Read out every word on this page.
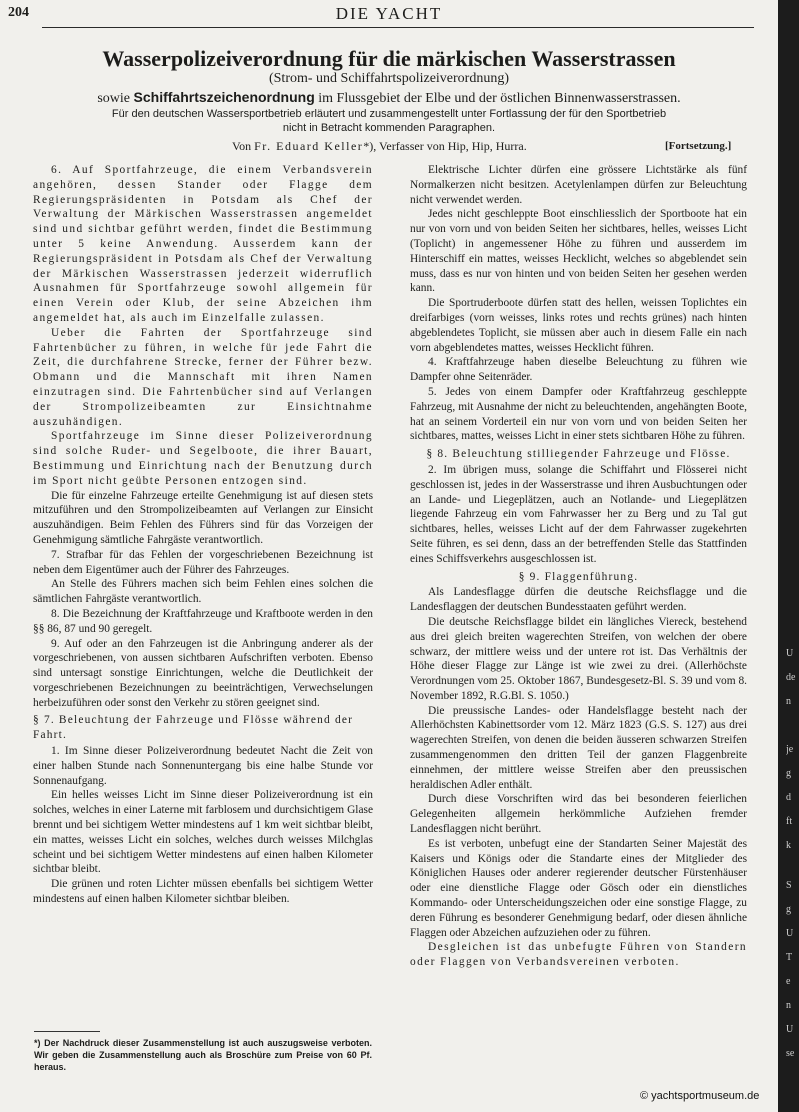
204	DIE YACHT
Wasserpolizeiverordnung für die märkischen Wasserstrassen
(Strom- und Schiffahrtspolizeiverordnung)
sowie Schiffahrtszeichenordnung im Flussgebiet der Elbe und der östlichen Binnenwasserstrassen.
Für den deutschen Wassersportbetrieb erläutert und zusammengestellt unter Fortlassung der für den Sportbetrieb
nicht in Betracht kommenden Paragraphen.
Von Fr. Eduard Keller*), Verfasser von Hip, Hip, Hurra.	[Fortsetzung.]

6. Auf Sportfahrzeuge, die einem Verbandsverein angehören, dessen Stander oder Flagge dem Regierungspräsidenten in Potsdam als Chef der Verwaltung der Märkischen Wasserstrassen angemeldet sind und sichtbar geführt werden, findet die Bestimmung unter 5 keine Anwendung. Ausserdem kann der Regierungspräsident in Potsdam als Chef der Verwaltung der Märkischen Wasserstrassen jederzeit widerruflich Ausnahmen für Sportfahrzeuge sowohl allgemein für einen Verein oder Klub, der seine Abzeichen ihm angemeldet hat, als auch im Einzelfalle zulassen.

Ueber die Fahrten der Sportfahrzeuge sind Fahrtenbücher zu führen, in welche für jede Fahrt die Zeit, die durchfahrene Strecke, ferner der Führer bezw. Obmann und die Mannschaft mit ihren Namen einzutragen sind. Die Fahrtenbücher sind auf Verlangen der Strompolizeibeamten zur Einsichtnahme auszuhändigen.

Sportfahrzeuge im Sinne dieser Polizeiverordnung sind solche Ruder- und Segelboote, die ihrer Bauart, Bestimmung und Einrichtung nach der Benutzung durch im Sport nicht geübte Personen entzogen sind.

Die für einzelne Fahrzeuge erteilte Genehmigung ist auf diesen stets mitzuführen und den Strompolizeibeamten auf Verlangen zur Einsicht auszuhändigen. Beim Fehlen des Führers sind für das Vorzeigen der Genehmigung sämtliche Fahrgäste verantwortlich.

7. Strafbar für das Fehlen der vorgeschriebenen Bezeichnung ist neben dem Eigentümer auch der Führer des Fahrzeuges.

An Stelle des Führers machen sich beim Fehlen eines solchen die sämtlichen Fahrgäste verantwortlich.

8. Die Bezeichnung der Kraftfahrzeuge und Kraftboote werden in den §§ 86, 87 und 90 geregelt.

9. Auf oder an den Fahrzeugen ist die Anbringung anderer als der vorgeschriebenen, von aussen sichtbaren Aufschriften verboten. Ebenso sind untersagt sonstige Einrichtungen, welche die Deutlichkeit der vorgeschriebenen Bezeichnungen zu beeinträchtigen, Verwechselungen herbeizuführen oder sonst den Verkehr zu stören geeignet sind.

§ 7. Beleuchtung der Fahrzeuge und Flösse während der Fahrt.

1. Im Sinne dieser Polizeiverordnung bedeutet Nacht die Zeit von einer halben Stunde nach Sonnenuntergang bis eine halbe Stunde vor Sonnenaufgang.

Ein helles weisses Licht im Sinne dieser Polizeiverordnung ist ein solches, welches in einer Laterne mit farblosem und durchsichtigem Glase brennt und bei sichtigem Wetter mindestens auf 1 km weit sichtbar bleibt, ein mattes, weisses Licht ein solches, welches durch weisses Milchglas scheint und bei sichtigem Wetter mindestens auf einen halben Kilometer sichtbar bleibt.

Die grünen und roten Lichter müssen ebenfalls bei sichtigem Wetter mindestens auf einen halben Kilometer sichtbar bleiben.

Elektrische Lichter dürfen eine grössere Lichtstärke als fünf Normalkerzen nicht besitzen. Acetylenlampen dürfen zur Beleuchtung nicht verwendet werden.

Jedes nicht geschleppte Boot einschliesslich der Sportboote hat ein nur von vorn und von beiden Seiten her sichtbares, helles, weisses Licht (Toplicht) in angemessener Höhe zu führen und ausserdem im Hinterschiff ein mattes, weisses Hecklicht, welches so abgeblendet sein muss, dass es nur von hinten und von beiden Seiten her gesehen werden kann.

Die Sportruderboote dürfen statt des hellen, weissen Toplichtes ein dreifarbiges (vorn weisses, links rotes und rechts grünes) nach hinten abgeblendetes Toplicht, sie müssen aber auch in diesem Falle ein nach vorn abgeblendetes mattes, weisses Hecklicht führen.

4. Kraftfahrzeuge haben dieselbe Beleuchtung zu führen wie Dampfer ohne Seitenräder.

5. Jedes von einem Dampfer oder Kraftfahrzeug geschleppte Fahrzeug, mit Ausnahme der nicht zu beleuchtenden, angehängten Boote, hat an seinem Vorderteil ein nur von vorn und von beiden Seiten her sichtbares, mattes, weisses Licht in einer stets sichtbaren Höhe zu führen.

§ 8. Beleuchtung stilliegender Fahrzeuge und Flösse.

2. Im übrigen muss, solange die Schiffahrt und Flösserei nicht geschlossen ist, jedes in der Wasserstrasse und ihren Ausbuchtungen oder an Lande- und Liegeplätzen, auch an Notlande- und Liegeplätzen liegende Fahrzeug ein vom Fahrwasser her zu Berg und zu Tal gut sichtbares, helles, weisses Licht auf der dem Fahrwasser zugekehrten Seite führen, es sei denn, dass an der betreffenden Stelle das Stattfinden eines Schiffsverkehrs ausgeschlossen ist.

§ 9. Flaggenführung.

Als Landesflagge dürfen die deutsche Reichsflagge und die Landesflaggen der deutschen Bundesstaaten geführt werden.

Die deutsche Reichsflagge bildet ein längliches Viereck, bestehend aus drei gleich breiten wagerechten Streifen, von welchen der obere schwarz, der mittlere weiss und der untere rot ist. Das Verhältnis der Höhe dieser Flagge zur Länge ist wie zwei zu drei. (Allerhöchste Verordnungen vom 25. Oktober 1867, Bundesgesetz-Bl. S. 39 und vom 8. November 1892, R.G.Bl. S. 1050.)

Die preussische Landes- oder Handelsflagge besteht nach der Allerhöchsten Kabinettsorder vom 12. März 1823 (G.S. S. 127) aus drei wagerechten Streifen, von denen die beiden äusseren schwarzen Streifen zusammengenommen den dritten Teil der ganzen Flaggenbreite einnehmen, der mittlere weisse Streifen aber den preussischen heraldischen Adler enthält.

Durch diese Vorschriften wird das bei besonderen feierlichen Gelegenheiten allgemein herkömmliche Aufziehen fremder Landesflaggen nicht berührt.

Es ist verboten, unbefugt eine der Standarten Seiner Majestät des Kaisers und Königs oder die Standarte eines der Mitglieder des Königlichen Hauses oder anderer regierender deutscher Fürstenhäuser oder eine dienstliche Flagge oder Gösch oder ein dienstliches Kommando- oder Unterscheidungszeichen oder eine sonstige Flagge, zu deren Führung es besonderer Genehmigung bedarf, oder diesen ähnliche Flaggen oder Abzeichen aufzuziehen oder zu führen.

Desgleichen ist das unbefugte Führen von Standern oder Flaggen von Verbandsvereinen verboten.

*) Der Nachdruck dieser Zusammenstellung ist auch auszugsweise verboten. Wir geben die Zusammenstellung auch als Broschüre zum Preise von 60 Pf. heraus.
© yachtsportmuseum.de
U
de
n
je
g
d
ft
k
S
g
U
T
e
n
U
se
